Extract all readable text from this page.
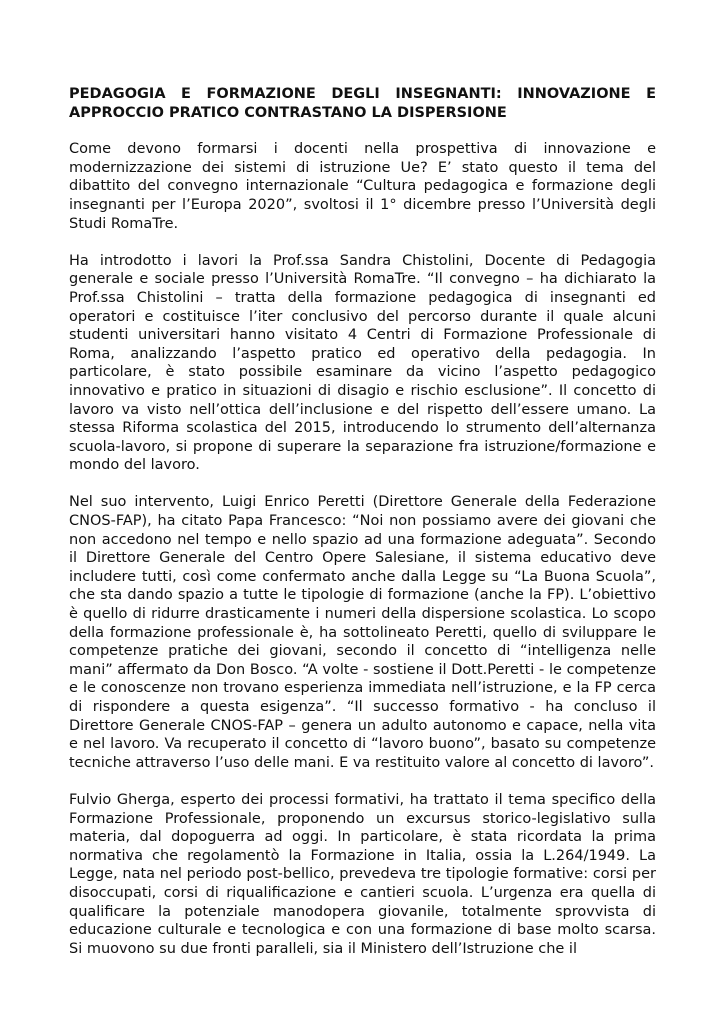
PEDAGOGIA E FORMAZIONE DEGLI INSEGNANTI: INNOVAZIONE E APPROCCIO PRATICO CONTRASTANO LA DISPERSIONE

Come devono formarsi i docenti nella prospettiva di innovazione e modernizzazione dei sistemi di istruzione Ue? E’ stato questo il tema del dibattito del convegno internazionale “Cultura pedagogica e formazione degli insegnanti per l’Europa 2020”, svoltosi il 1° dicembre presso l’Università degli Studi RomaTre.

Ha introdotto i lavori la Prof.ssa Sandra Chistolini, Docente di Pedagogia generale e sociale presso l’Università RomaTre. “Il convegno – ha dichiarato la Prof.ssa Chistolini – tratta della formazione pedagogica di insegnanti ed operatori e costituisce l’iter conclusivo del percorso durante il quale alcuni studenti universitari hanno visitato 4 Centri di Formazione Professionale di Roma, analizzando l’aspetto pratico ed operativo della pedagogia. In particolare, è stato possibile esaminare da vicino l’aspetto pedagogico innovativo e pratico in situazioni di disagio e rischio esclusione”. Il concetto di lavoro va visto nell’ottica dell’inclusione e del rispetto dell’essere umano. La stessa Riforma scolastica del 2015, introducendo lo strumento dell’alternanza scuola-lavoro, si propone di superare la separazione fra istruzione/formazione e mondo del lavoro.

Nel suo intervento, Luigi Enrico Peretti (Direttore Generale della Federazione CNOS-FAP), ha citato Papa Francesco: “Noi non possiamo avere dei giovani che non accedono nel tempo e nello spazio ad una formazione adeguata”. Secondo il Direttore Generale del Centro Opere Salesiane, il sistema educativo deve includere tutti, così come confermato anche dalla Legge su “La Buona Scuola”, che sta dando spazio a tutte le tipologie di formazione (anche la FP). L’obiettivo è quello di ridurre drasticamente i numeri della dispersione scolastica. Lo scopo della formazione professionale è, ha sottolineato Peretti, quello di sviluppare le competenze pratiche dei giovani, secondo il concetto di “intelligenza nelle mani” affermato da Don Bosco. “A volte - sostiene il Dott.Peretti - le competenze e le conoscenze non trovano esperienza immediata nell’istruzione, e la FP cerca di rispondere a questa esigenza”. “Il successo formativo - ha concluso il Direttore Generale CNOS-FAP – genera un adulto autonomo e capace, nella vita e nel lavoro. Va recuperato il concetto di “lavoro buono”, basato su competenze tecniche attraverso l’uso delle mani. E va restituito valore al concetto di lavoro”.

Fulvio Gherga, esperto dei processi formativi, ha trattato il tema specifico della Formazione Professionale, proponendo un excursus storico-legislativo sulla materia, dal dopoguerra ad oggi. In particolare, è stata ricordata la prima normativa che regolamentò la Formazione in Italia, ossia la L.264/1949. La Legge, nata nel periodo post-bellico, prevedeva tre tipologie formative: corsi per disoccupati, corsi di riqualificazione e cantieri scuola. L’urgenza era quella di qualificare la potenziale manodopera giovanile, totalmente sprovvista di educazione culturale e tecnologica e con una formazione di base molto scarsa. Si muovono su due fronti paralleli, sia il Ministero dell’Istruzione che il
